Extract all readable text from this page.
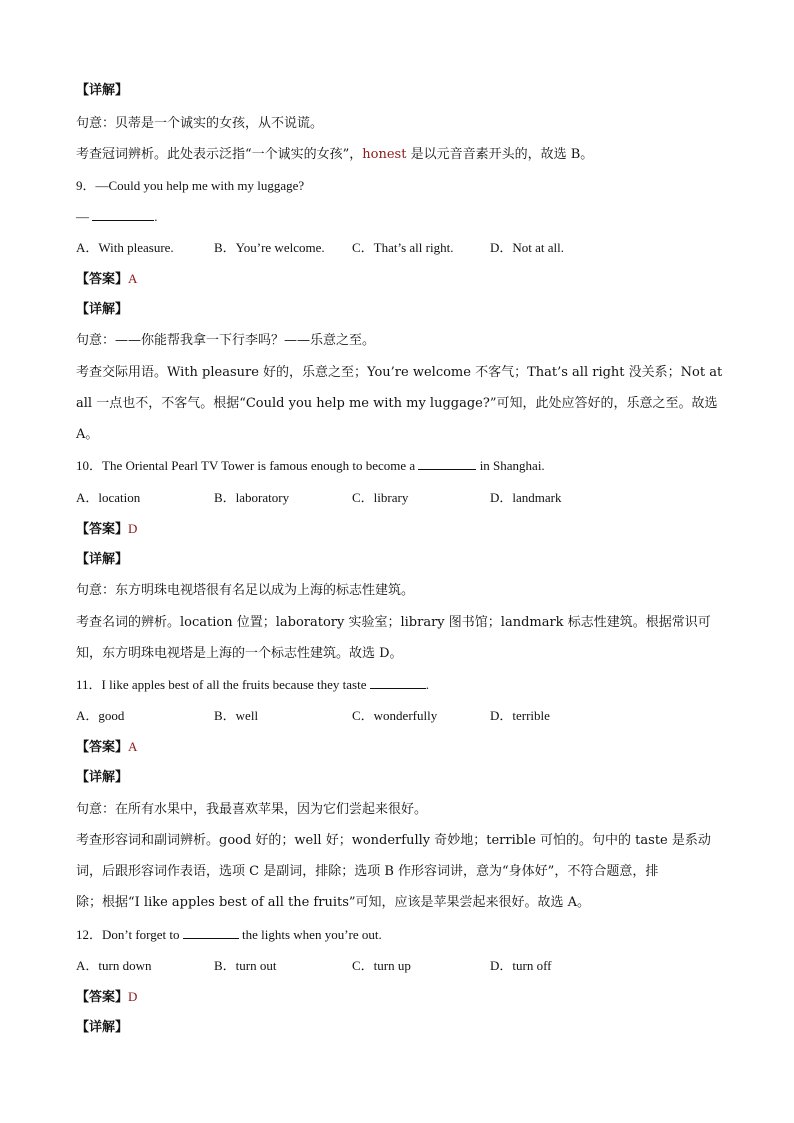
【详解】
句意：贝蒂是一个诚实的女孩，从不说谎。
考查冠词辨析。此处表示泛指“一个诚实的女孩”，honest 是以元音音素开头的，故选 B。
9．—Could you help me with my luggage?
—	.
A．With pleasure.	B．You’re welcome. C．That’s all right.	D．Not at all.
【答案】A
【详解】
句意：——你能帮我拿一下行李吗？——乐意之至。
考查交际用语。With pleasure 好的，乐意之至；You’re welcome 不客气；That’s all right 没关系；Not at
all 一点也不，不客气。根据“Could you help me with my luggage?”可知，此处应答好的，乐意之至。故选
A。
10．The Oriental Pearl TV Tower is famous enough to become a	in Shanghai.
A．location	B．laboratory	C．library	D．landmark
【答案】D
【详解】
句意：东方明珠电视塔很有名足以成为上海的标志性建筑。
考查名词的辨析。location 位置；laboratory 实验室；library 图书馆；landmark 标志性建筑。根据常识可
知，东方明珠电视塔是上海的一个标志性建筑。故选 D。
11．I like apples best of all the fruits because they taste	.
A．good	B．well	C．wonderfully	D．terrible
【答案】A
【详解】
句意：在所有水果中，我最喜欢苹果，因为它们尝起来很好。
考查形容词和副词辨析。good 好的；well 好；wonderfully 奇妙地；terrible 可怕的。句中的 taste 是系动
词，后跟形容词作表语，选项 C 是副词，排除；选项 B 作形容词讲，意为“身体好”，不符合题意，排
除；根据“I like apples best of all the fruits”可知，应该是苹果尝起来很好。故选 A。
12．Don’t forget to	the lights when you’re out.
A．turn down	B．turn out	C．turn up	D．turn off
【答案】D
【详解】
